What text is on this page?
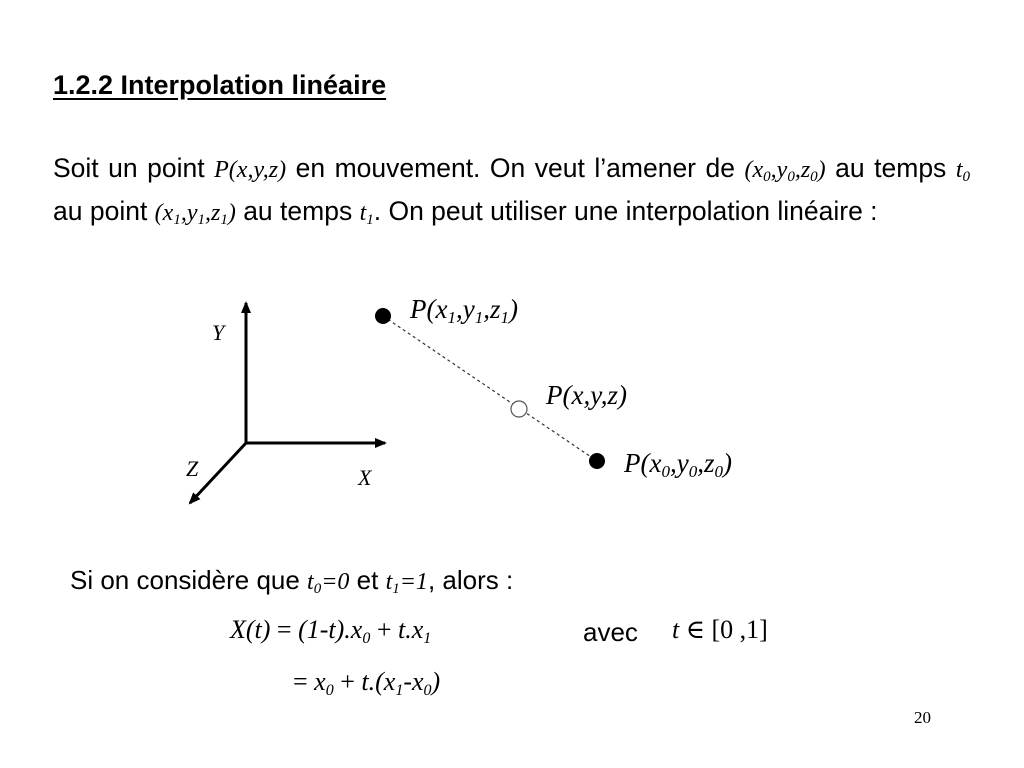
1.2.2 Interpolation linéaire
Soit un point P(x,y,z) en mouvement. On veut l’amener de $(x_0,y_0,z_0)$ au temps $t_0$ au point $(x_1,y_1,z_1)$ au temps $t_1$. On peut utiliser une interpolation linéaire :
Y
X
Z
$P(x_1,y_1,z_1)$
P(x,y,z)
$P(x_0,y_0,z_0)$
Si on considère que $t_0=0$ et $t_1=1$, alors :
$X(t) = (1-t).x_0 + t.x_1$	avec t ∈ [0 ,1]
= $x_0 + t.(x_1-x_0)$
20
